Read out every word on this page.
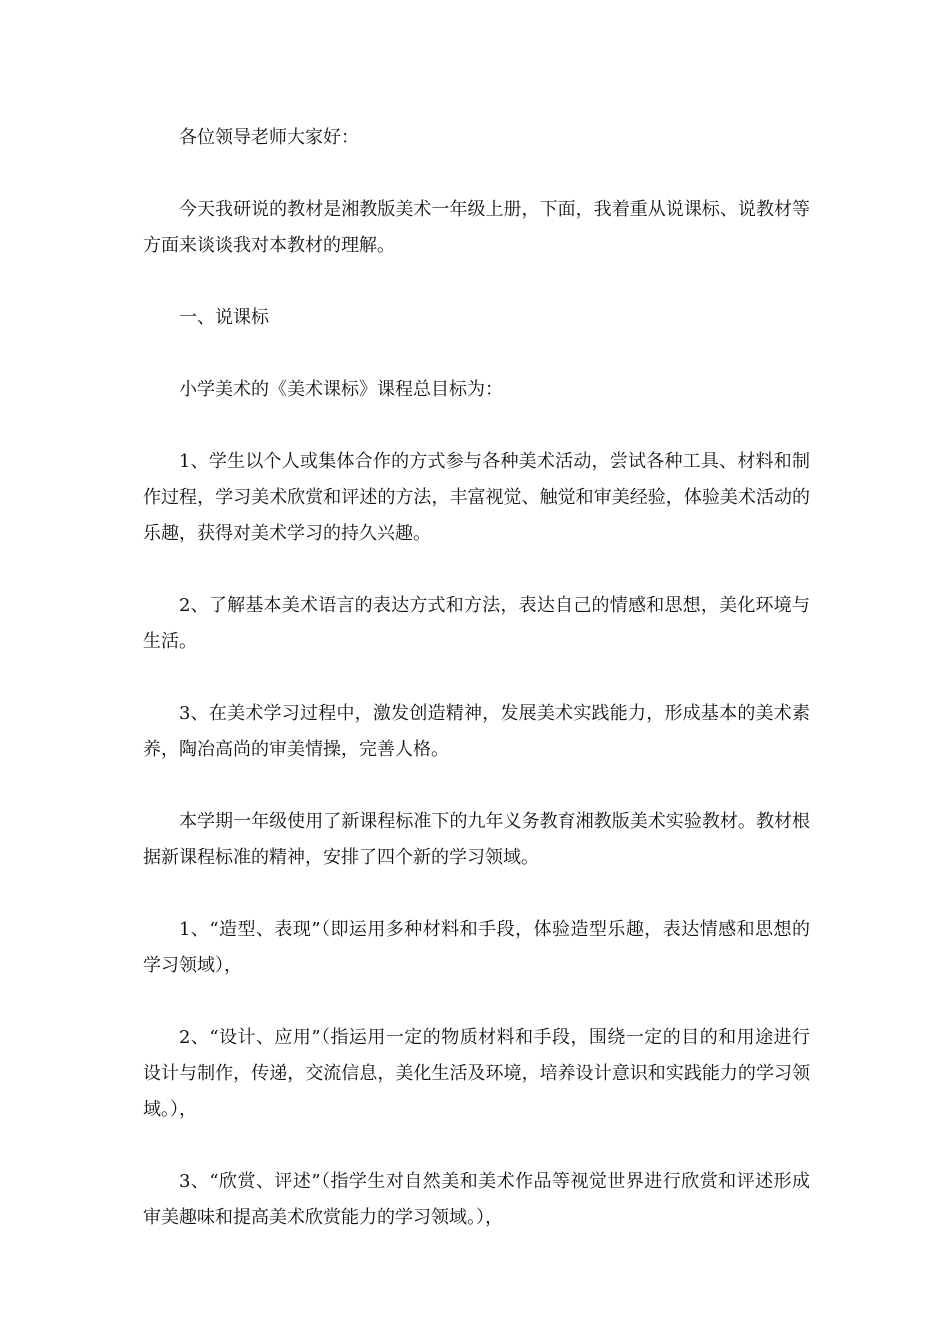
各位领导老师大家好：

今天我研说的教材是湘教版美术一年级上册，下面，我着重从说课标、说教材等方面来谈谈我对本教材的理解。

一、说课标

小学美术的《美术课标》课程总目标为：

1、学生以个人或集体合作的方式参与各种美术活动，尝试各种工具、材料和制作过程，学习美术欣赏和评述的方法，丰富视觉、触觉和审美经验，体验美术活动的乐趣，获得对美术学习的持久兴趣。

2、了解基本美术语言的表达方式和方法，表达自己的情感和思想，美化环境与生活。

3、在美术学习过程中，激发创造精神，发展美术实践能力，形成基本的美术素养，陶冶高尚的审美情操，完善人格。

本学期一年级使用了新课程标准下的九年义务教育湘教版美术实验教材。教材根据新课程标准的精神，安排了四个新的学习领域。

1、“造型、表现”（即运用多种材料和手段，体验造型乐趣，表达情感和思想的学习领域），

2、“设计、应用”（指运用一定的物质材料和手段，围绕一定的目的和用途进行设计与制作，传递，交流信息，美化生活及环境，培养设计意识和实践能力的学习领域。），

3、“欣赏、评述”（指学生对自然美和美术作品等视觉世界进行欣赏和评述形成审美趣味和提高美术欣赏能力的学习领域。），
